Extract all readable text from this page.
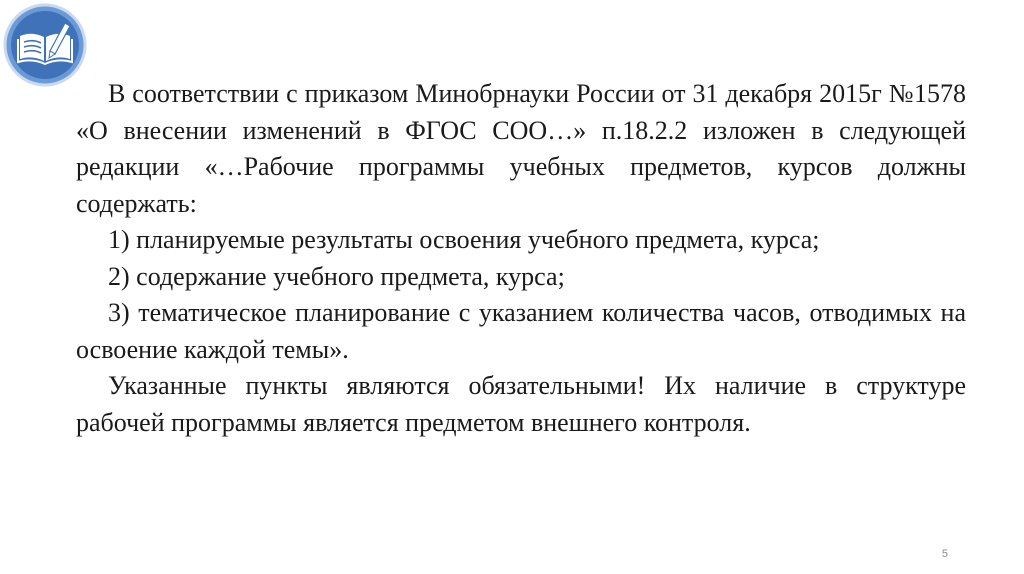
В соответствии с приказом Минобрнауки России от 31 декабря 2015г №1578 «О внесении изменений в ФГОС СОО…» п.18.2.2 изложен в следующей редакции «…Рабочие программы учебных предметов, курсов должны содержать:

1) планируемые результаты освоения учебного предмета, курса;

2) содержание учебного предмета, курса;

3) тематическое планирование с указанием количества часов, отводимых на освоение каждой темы».

Указанные пункты являются обязательными! Их наличие в структуре рабочей программы является предметом внешнего контроля.

5
